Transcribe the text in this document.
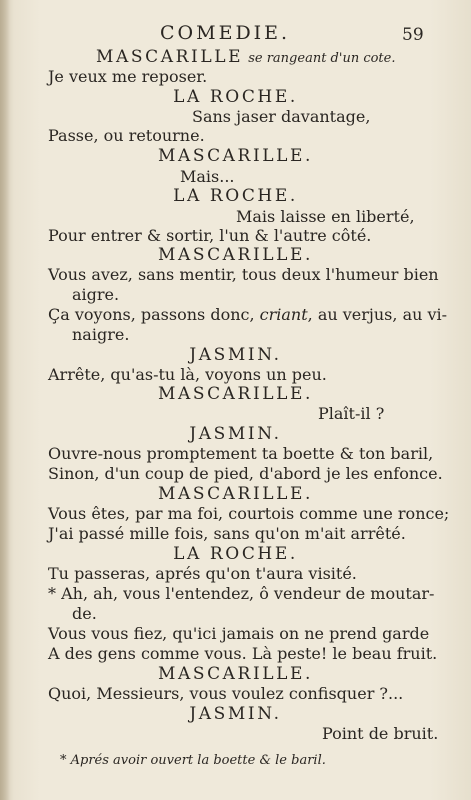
COMEDIE.	59
MASCARILLE se rangeant d'un cote.
Je veux me reposer.
LA ROCHE.
Sans jaser davantage,
Passe, ou retourne.
MASCARILLE.
Mais...
LA ROCHE.
Mais laisse en liberté,
Pour entrer & sortir, l'un & l'autre côté.
MASCARILLE.
Vous avez, sans mentir, tous deux l'humeur bien
aigre.
Ça voyons, passons donc, criant, au verjus, au vi-
naigre.
JASMIN.
Arrête, qu'as-tu là, voyons un peu.
MASCARILLE.
Plaît-il ?
JASMIN.
Ouvre-nous promptement ta boette & ton baril,
Sinon, d'un coup de pied, d'abord je les enfonce.
MASCARILLE.
Vous êtes, par ma foi, courtois comme une ronce;
J'ai passé mille fois, sans qu'on m'ait arrêté.
LA ROCHE.
Tu passeras, aprés qu'on t'aura visité.
* Ah, ah, vous l'entendez, ô vendeur de moutar-
de.
Vous vous fiez, qu'ici jamais on ne prend garde
A des gens comme vous. Là peste! le beau fruit.
MASCARILLE.
Quoi, Messieurs, vous voulez confisquer ?...
JASMIN.
Point de bruit.
* Aprés avoir ouvert la boette & le baril.
